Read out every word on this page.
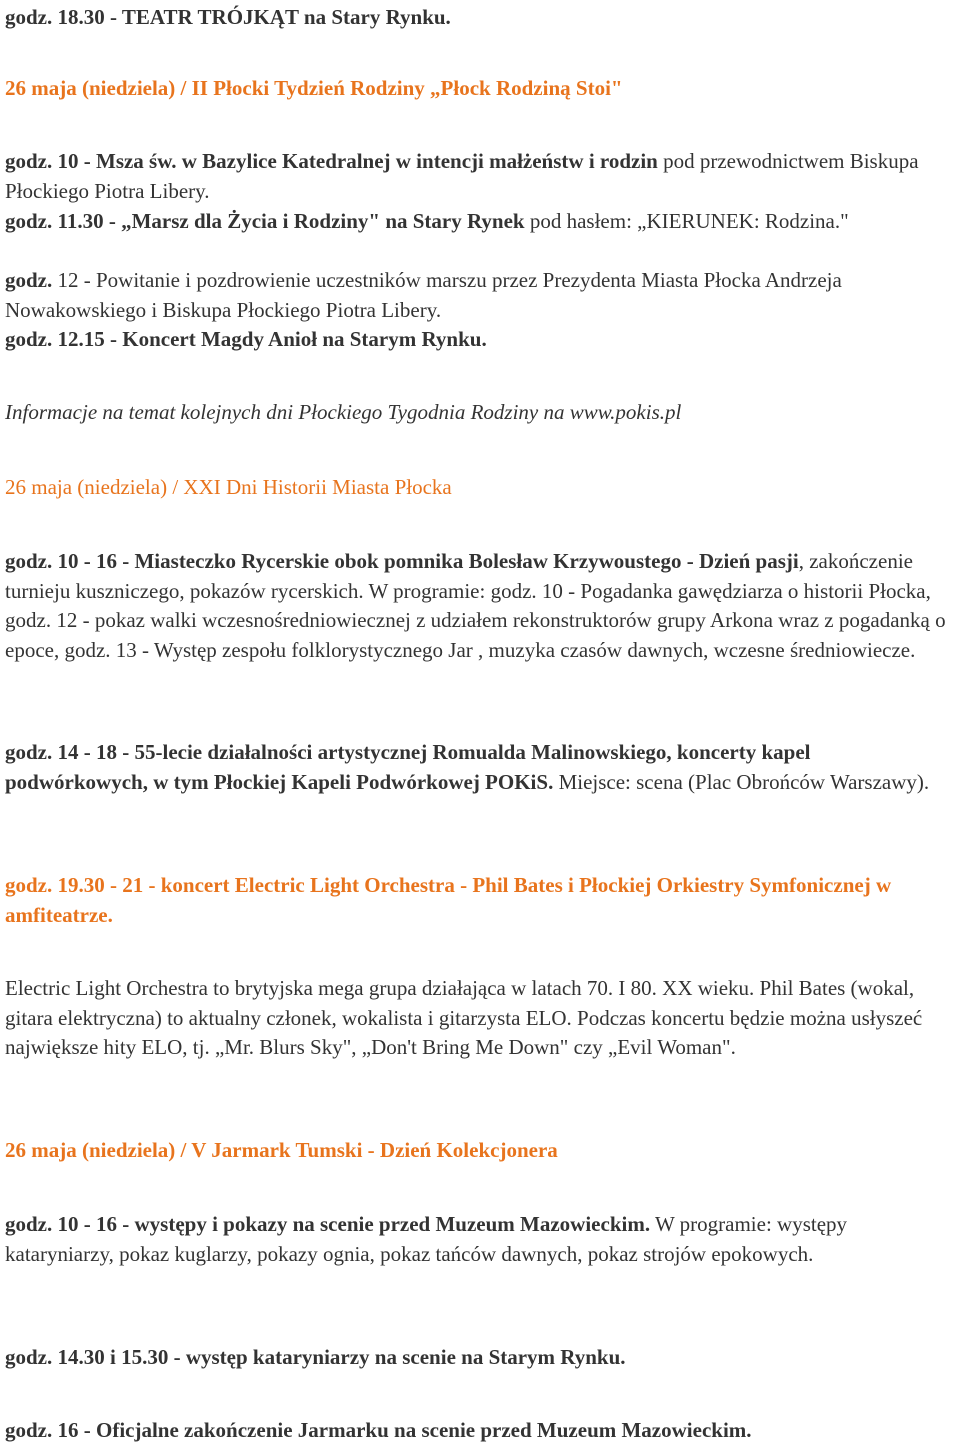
godz. 18.30 - TEATR TRÓJKĄT na Stary Rynku.

26 maja (niedziela) / II Płocki Tydzień Rodziny „Płock Rodziną Stoi"

godz. 10 - Msza św. w Bazylice Katedralnej w intencji małżeństw i rodzin pod przewodnictwem Biskupa Płockiego Piotra Libery.

godz. 11.30 - „Marsz dla Życia i Rodziny" na Stary Rynek pod hasłem: „KIERUNEK: Rodzina."

godz. 12 - Powitanie i pozdrowienie uczestników marszu przez Prezydenta Miasta Płocka Andrzeja Nowakowskiego i Biskupa Płockiego Piotra Libery.

godz. 12.15 - Koncert Magdy Anioł na Starym Rynku.

Informacje na temat kolejnych dni Płockiego Tygodnia Rodziny na www.pokis.pl

26 maja (niedziela) / XXI Dni Historii Miasta Płocka

godz. 10 - 16 - Miasteczko Rycerskie obok pomnika Bolesław Krzywoustego - Dzień pasji, zakończenie turnieju kuszniczego, pokazów rycerskich. W programie: godz. 10 - Pogadanka gawędziarza o historii Płocka, godz. 12 - pokaz walki wczesnośredniowiecznej z udziałem rekonstruktorów grupy Arkona wraz z pogadanką o epoce, godz. 13 - Występ zespołu folklorystycznego Jar , muzyka czasów dawnych, wczesne średniowiecze.

godz. 14 - 18 - 55-lecie działalności artystycznej Romualda Malinowskiego, koncerty kapel podwórkowych, w tym Płockiej Kapeli Podwórkowej POKiS. Miejsce: scena (Plac Obrońców Warszawy).

godz. 19.30 - 21 - koncert Electric Light Orchestra - Phil Bates i Płockiej Orkiestry Symfonicznej w amfiteatrze.

Electric Light Orchestra to brytyjska mega grupa działająca w latach 70. I 80. XX wieku. Phil Bates (wokal, gitara elektryczna) to aktualny członek, wokalista i gitarzysta ELO. Podczas koncertu będzie można usłyszeć największe hity ELO, tj. „Mr. Blurs Sky", „Don't Bring Me Down" czy „Evil Woman".

26 maja (niedziela) / V Jarmark Tumski - Dzień Kolekcjonera

godz. 10 - 16 - występy i pokazy na scenie przed Muzeum Mazowieckim. W programie: występy kataryniarzy, pokaz kuglarzy, pokazy ognia, pokaz tańców dawnych, pokaz strojów epokowych.

godz. 14.30 i 15.30 - występ kataryniarzy na scenie na Starym Rynku.

godz. 16 - Oficjalne zakończenie Jarmarku na scenie przed Muzeum Mazowieckim.
